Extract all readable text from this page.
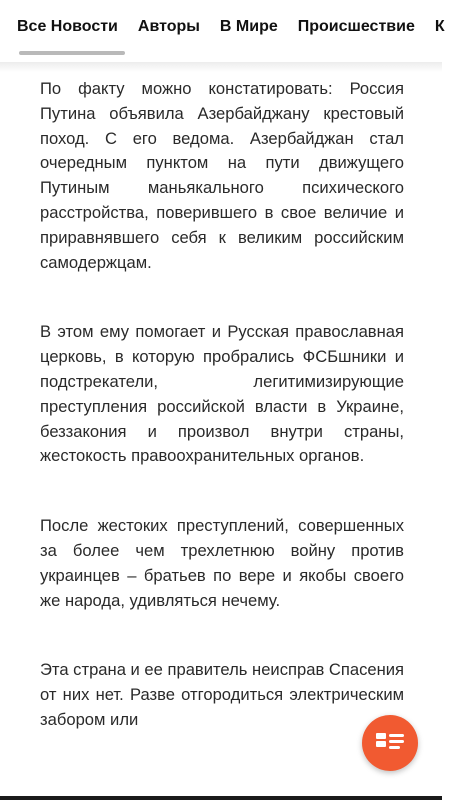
Все Новости Авторы В Мире Происшествие К

По факту можно констатировать: Россия Путина объявила Азербайджану крестовый поход. С его ведома. Азербайджан стал очередным пунктом на пути движущего Путиным маньякального психического расстройства, поверившего в свое величие и приравнявшего себя к великим российским самодержцам.

В этом ему помогает и Русская православная церковь, в которую пробрались ФСБшники и подстрекатели, легитимизирующие преступления российской власти в Украине, беззакония и произвол внутри страны, жестокость правоохранительных органов.

После жестоких преступлений, совершенных за более чем трехлетнюю войну против украинцев – братьев по вере и якобы своего же народа, удивляться нечему.

Эта страна и ее правитель неисправ Спасения от них нет. Разве отгородиться электрическим забором или
